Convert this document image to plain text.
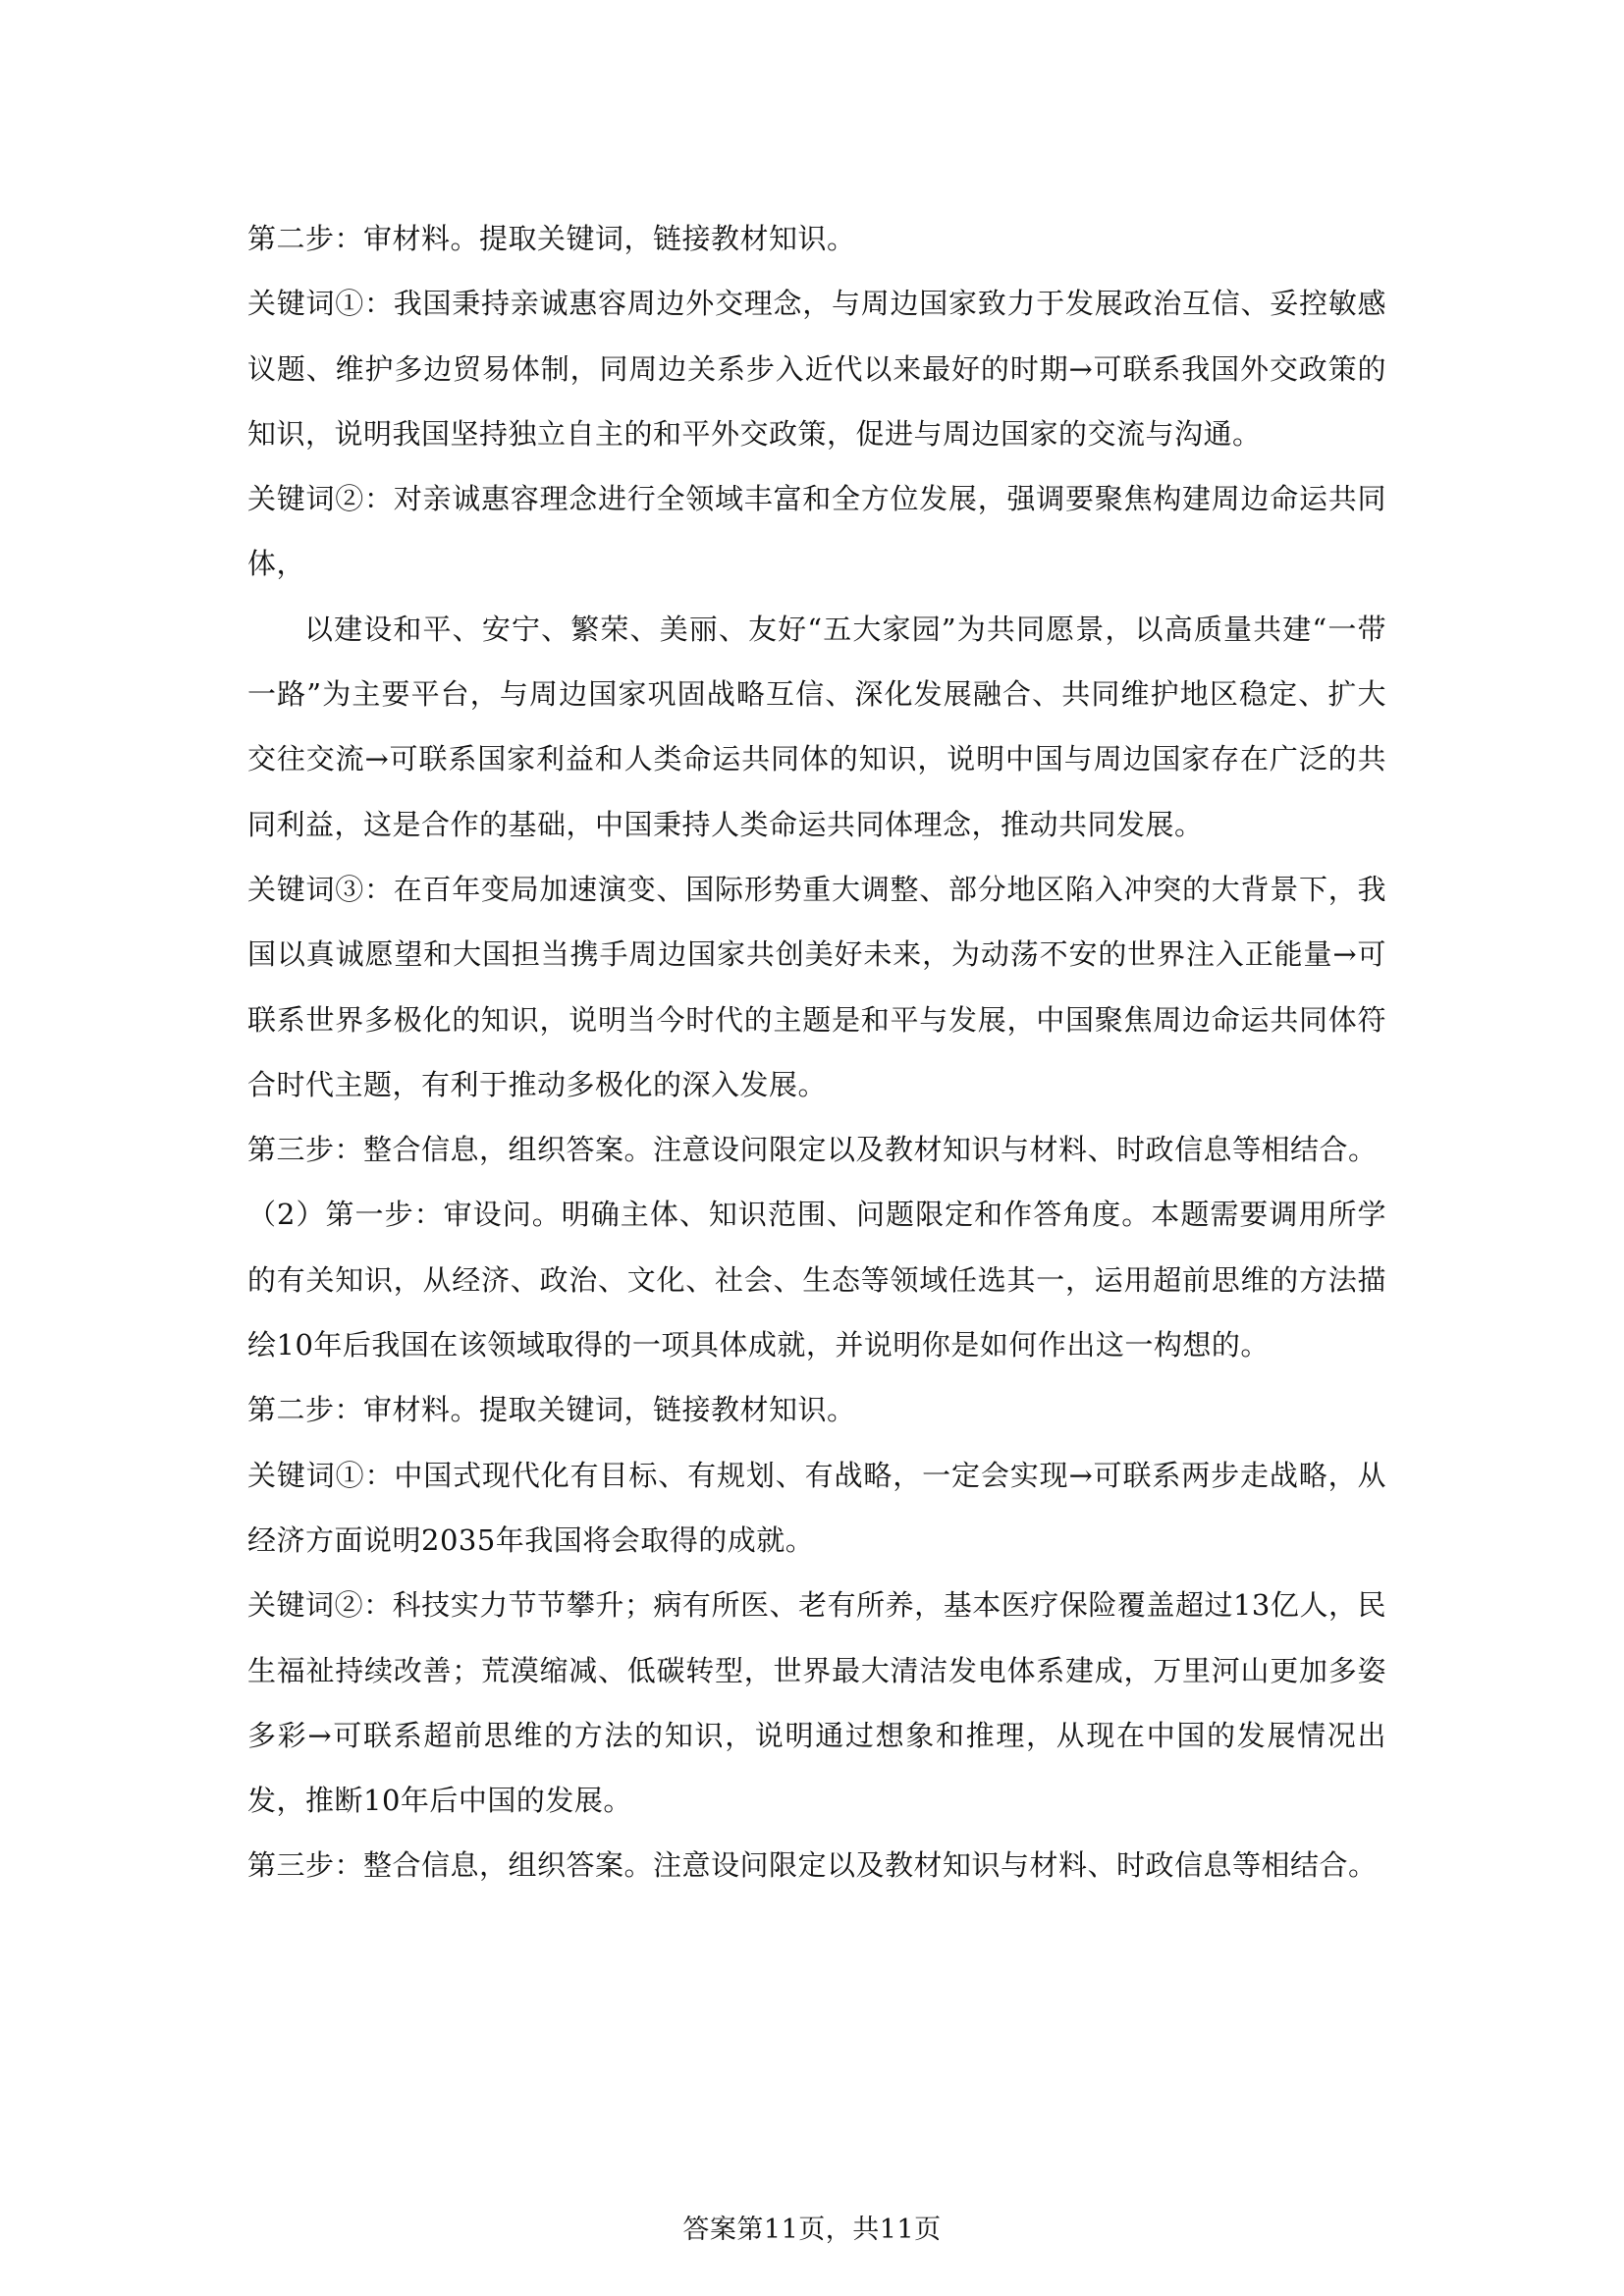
第二步：审材料。提取关键词，链接教材知识。

关键词①：我国秉持亲诚惠容周边外交理念，与周边国家致力于发展政治互信、妥控敏感议题、维护多边贸易体制，同周边关系步入近代以来最好的时期→可联系我国外交政策的知识，说明我国坚持独立自主的和平外交政策，促进与周边国家的交流与沟通。

关键词②：对亲诚惠容理念进行全领域丰富和全方位发展，强调要聚焦构建周边命运共同体，

以建设和平、安宁、繁荣、美丽、友好“五大家园”为共同愿景，以高质量共建“一带一路”为主要平台，与周边国家巩固战略互信、深化发展融合、共同维护地区稳定、扩大交往交流→可联系国家利益和人类命运共同体的知识，说明中国与周边国家存在广泛的共同利益，这是合作的基础，中国秉持人类命运共同体理念，推动共同发展。

关键词③：在百年变局加速演变、国际形势重大调整、部分地区陷入冲突的大背景下，我国以真诚愿望和大国担当携手周边国家共创美好未来，为动荡不安的世界注入正能量→可联系世界多极化的知识，说明当今时代的主题是和平与发展，中国聚焦周边命运共同体符合时代主题，有利于推动多极化的深入发展。

第三步：整合信息，组织答案。注意设问限定以及教材知识与材料、时政信息等相结合。

（2）第一步：审设问。明确主体、知识范围、问题限定和作答角度。本题需要调用所学的有关知识，从经济、政治、文化、社会、生态等领域任选其一，运用超前思维的方法描绘10年后我国在该领域取得的一项具体成就，并说明你是如何作出这一构想的。

第二步：审材料。提取关键词，链接教材知识。

关键词①：中国式现代化有目标、有规划、有战略，一定会实现→可联系两步走战略，从经济方面说明2035年我国将会取得的成就。

关键词②：科技实力节节攀升；病有所医、老有所养，基本医疗保险覆盖超过13亿人，民生福祉持续改善；荒漠缩减、低碳转型，世界最大清洁发电体系建成，万里河山更加多姿多彩→可联系超前思维的方法的知识，说明通过想象和推理，从现在中国的发展情况出发，推断10年后中国的发展。

第三步：整合信息，组织答案。注意设问限定以及教材知识与材料、时政信息等相结合。

答案第11页，共11页
